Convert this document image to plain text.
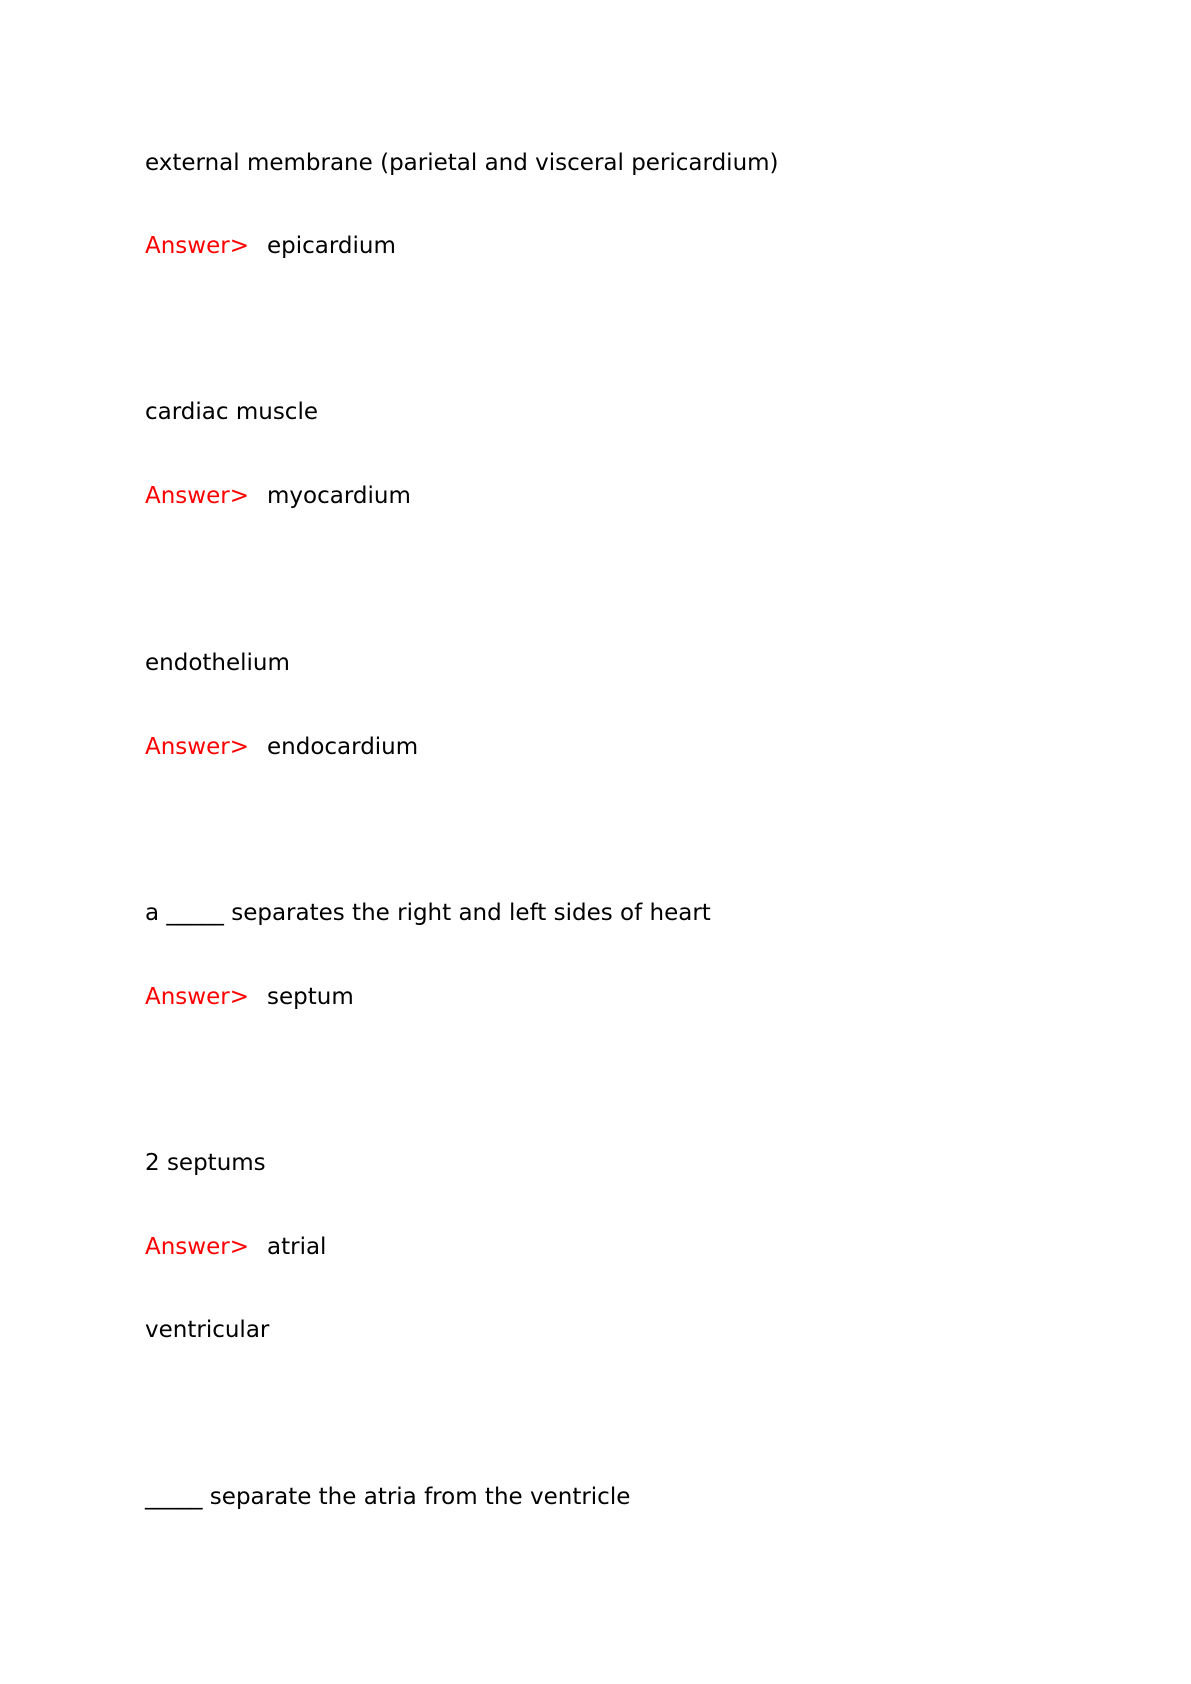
external membrane (parietal and visceral pericardium)
Answer> epicardium
cardiac muscle
Answer> myocardium
endothelium
Answer> endocardium
a _____ separates the right and left sides of heart
Answer> septum
2 septums
Answer> atrial
ventricular
_____ separate the atria from the ventricle
